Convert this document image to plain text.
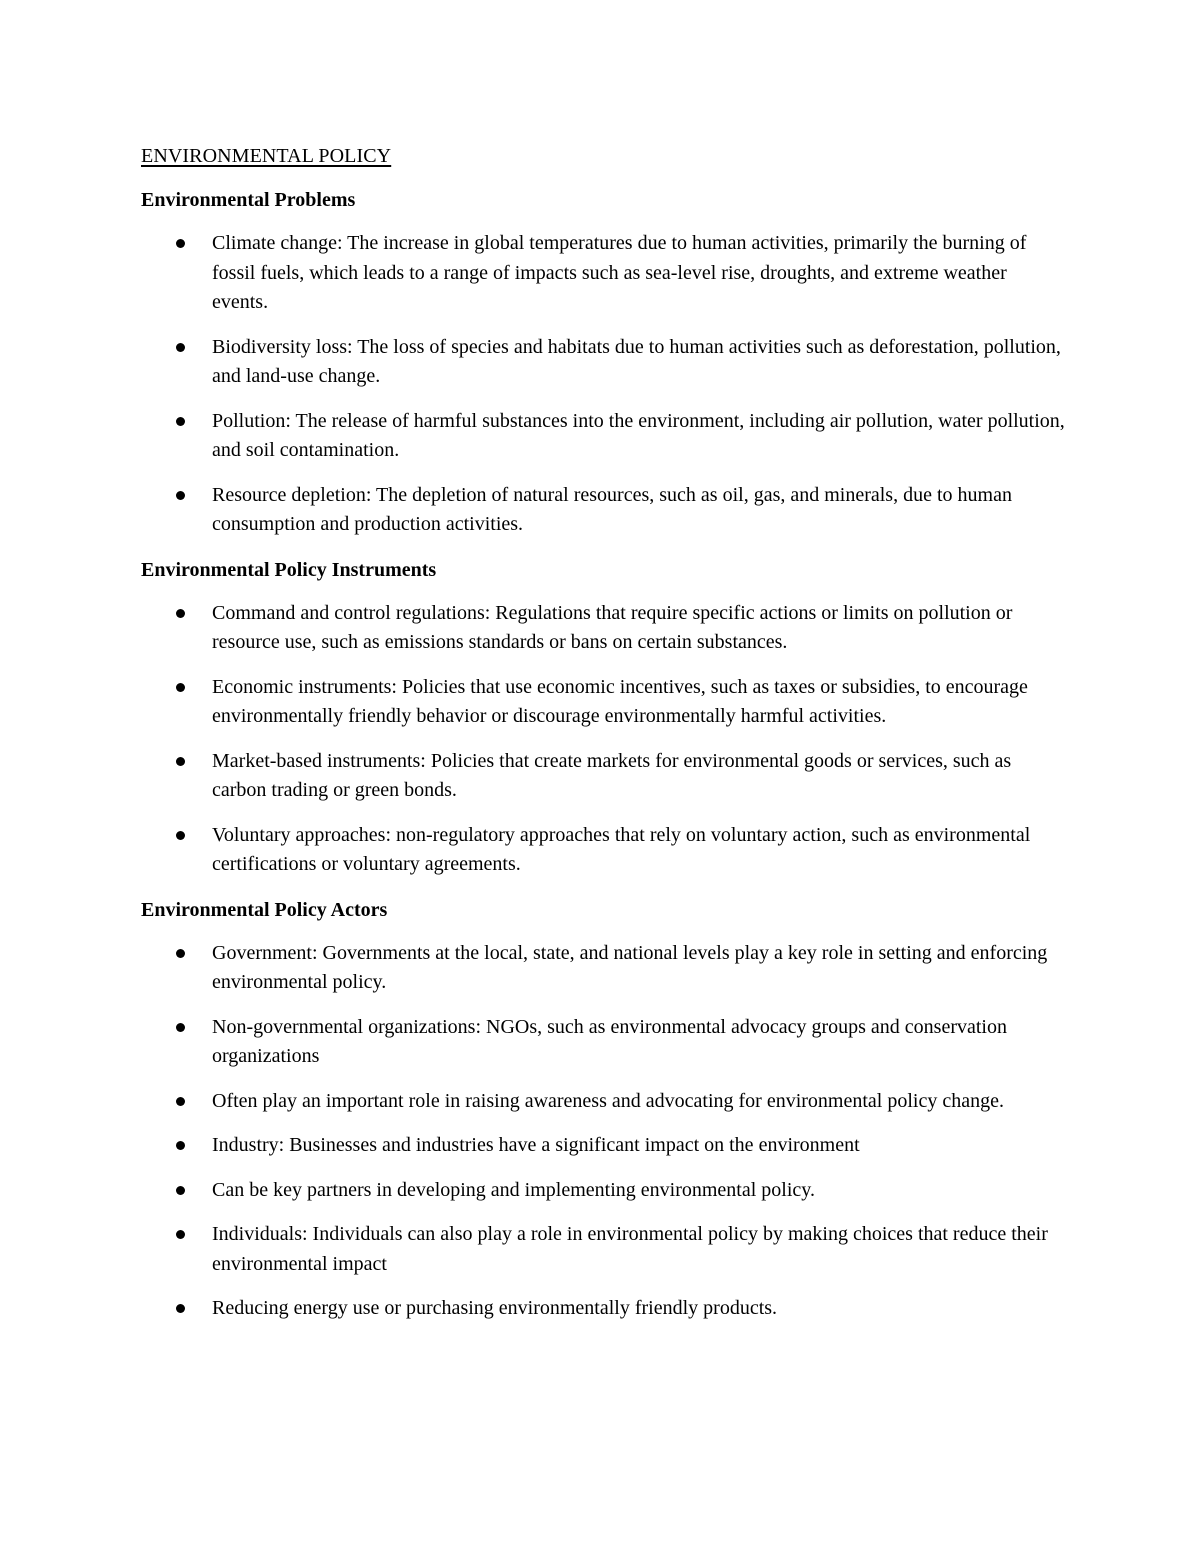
ENVIRONMENTAL POLICY
Environmental Problems
Climate change: The increase in global temperatures due to human activities, primarily the burning of fossil fuels, which leads to a range of impacts such as sea-level rise, droughts, and extreme weather events.
Biodiversity loss: The loss of species and habitats due to human activities such as deforestation, pollution, and land-use change.
Pollution: The release of harmful substances into the environment, including air pollution, water pollution, and soil contamination.
Resource depletion: The depletion of natural resources, such as oil, gas, and minerals, due to human consumption and production activities.
Environmental Policy Instruments
Command and control regulations: Regulations that require specific actions or limits on pollution or resource use, such as emissions standards or bans on certain substances.
Economic instruments: Policies that use economic incentives, such as taxes or subsidies, to encourage environmentally friendly behavior or discourage environmentally harmful activities.
Market-based instruments: Policies that create markets for environmental goods or services, such as carbon trading or green bonds.
Voluntary approaches: non-regulatory approaches that rely on voluntary action, such as environmental certifications or voluntary agreements.
Environmental Policy Actors
Government: Governments at the local, state, and national levels play a key role in setting and enforcing environmental policy.
Non-governmental organizations: NGOs, such as environmental advocacy groups and conservation organizations
Often play an important role in raising awareness and advocating for environmental policy change.
Industry: Businesses and industries have a significant impact on the environment
Can be key partners in developing and implementing environmental policy.
Individuals: Individuals can also play a role in environmental policy by making choices that reduce their environmental impact
Reducing energy use or purchasing environmentally friendly products.
